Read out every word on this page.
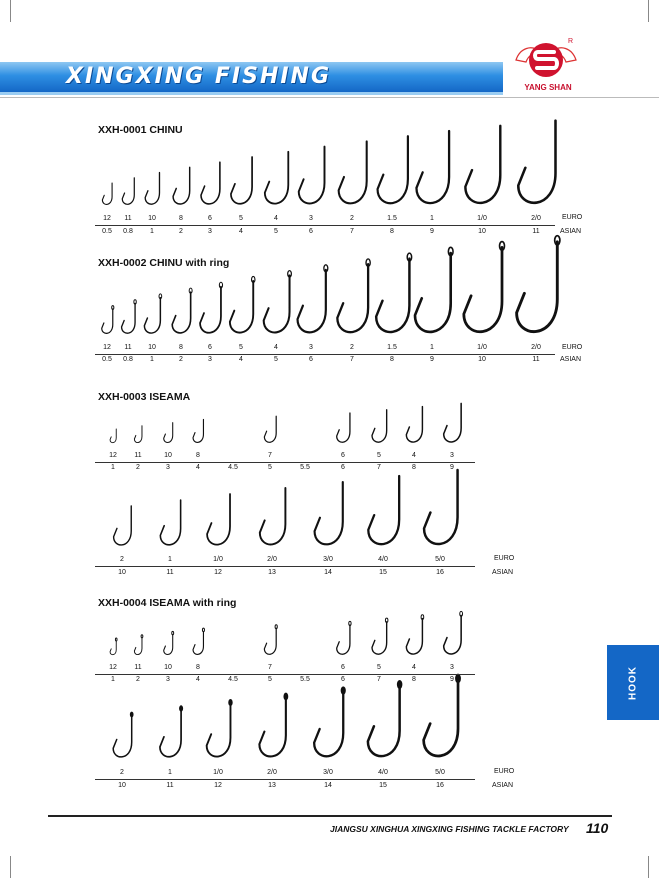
XINGXING FISHING
R
YANG SHAN
XXH-0001 CHINU
12 11 10	8	6	5	4	3	2	1.5	1	1/0	2/0
0.5 0.8 1	2	3	4	5	6	7	8	9	10	11
EURO
ASIAN
XXH-0002 CHINU with ring
12 11 10	8	6	5	4	3	2	1.5	1	1/0	2/0
0.5 0.8 1	2	3	4	5	6	7	8	9	10	11
EURO
ASIAN
XXH-0003 ISEAMA
12 11	10	8	7	6	5	4	3
1	2	3	4	4.5	5	5.5	6	7	8	9
2	1	1/0	2/0	3/0	4/0	5/0
10	11	12	13	14	15	16
EURO
ASIAN
XXH-0004 ISEAMA with ring
12 11	10	8	7	6	5	4	3
1	2	3	4	4.5	5	5.5	6	7	8	9
2	1	1/0	2/0	3/0	4/0	5/0
10	11	12	13	14	15	16
EURO
ASIAN
HOOK
JIANGSU XINGHUA XINGXING FISHING TACKLE FACTORY 110
